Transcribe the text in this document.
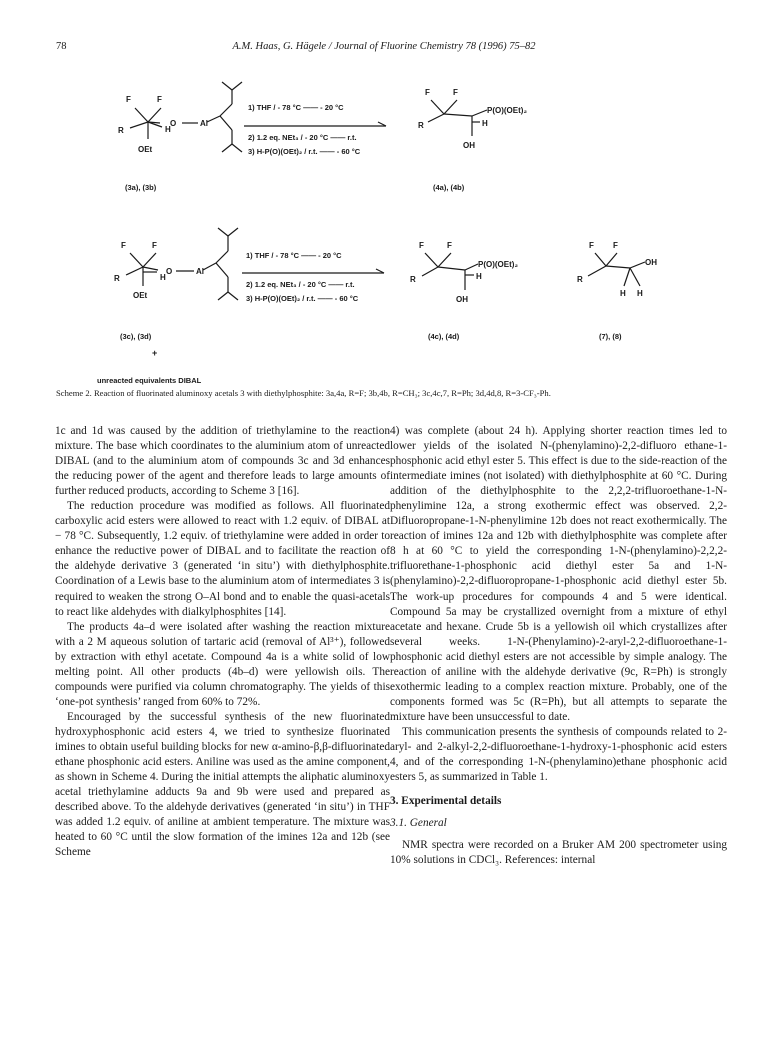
78	A.M. Haas, G. Hägele / Journal of Fluorine Chemistry 78 (1996) 75–82
F	F
R
O	Al
H
OEt
1) THF / - 78 °C —— - 20 °C
2) 1.2 eq. NEt₃ / - 20 °C —— r.t.
3) H-P(O)(OEt)₂ / r.t. —— - 60 °C
F	F
R
P(O)(OEt)₂
H
OH
(3a), (3b)	(4a), (4b)
F	F
R
O	Al
H
OEt
1) THF / - 78 °C —— - 20 °C
2) 1.2 eq. NEt₃ / - 20 °C —— r.t.
3) H-P(O)(OEt)₂ / r.t. —— - 60 °C
F	F
R
P(O)(OEt)₂
H
OH
F F
R
OH
H H
(3c), (3d)	(4c), (4d)	(7), (8)
+
unreacted equivalents DIBAL
Scheme 2. Reaction of fluorinated aluminoxy acetals 3 with diethylphosphite: 3a,4a, R=F; 3b,4b, R=CH₃; 3c,4c,7, R=Ph; 3d,4d,8, R=3-CF₃-Ph.

1c and 1d was caused by the addition of triethylamine to the reaction mixture. The base which coordinates to the aluminium atom of unreacted DIBAL (and to the aluminium atom of compounds 3c and 3d enhances the reducing power of the agent and therefore leads to large amounts of further reduced products, according to Scheme 3 [16].

The reduction procedure was modified as follows. All fluorinated carboxylic acid esters were allowed to react with 1.2 equiv. of DIBAL at − 78 °C. Subsequently, 1.2 equiv. of triethylamine were added in order to enhance the reductive power of DIBAL and to facilitate the reaction of the aldehyde derivative 3 (generated ‘in situ’) with diethylphosphite. Coordination of a Lewis base to the aluminium atom of intermediates 3 is required to weaken the strong O–Al bond and to enable the quasi-acetals to react like aldehydes with dialkylphosphites [14].

The products 4a–d were isolated after washing the reaction mixture with a 2 M aqueous solution of tartaric acid (removal of Al³⁺), followed by extraction with ethyl acetate. Compound 4a is a white solid of low melting point. All other products (4b–d) were yellowish oils. The compounds were purified via column chromatography. The yields of this ‘one-pot synthesis’ ranged from 60% to 72%.

Encouraged by the successful synthesis of the new fluorinated hydroxyphosphonic acid esters 4, we tried to synthesize fluorinated imines to obtain useful building blocks for new α-amino-β,β-difluorinated ethane phosphonic acid esters. Aniline was used as the amine component, as shown in Scheme 4. During the initial attempts the aliphatic aluminoxy acetal triethylamine adducts 9a and 9b were used and prepared as described above. To the aldehyde derivatives (generated ‘in situ’) in THF was added 1.2 equiv. of aniline at ambient temperature. The mixture was heated to 60 °C until the slow formation of the imines 12a and 12b (see Scheme

4) was complete (about 24 h). Applying shorter reaction times led to lower yields of the isolated N-(phenylamino)-2,2-difluoro ethane-1-phosphonic acid ethyl ester 5. This effect is due to the side-reaction of the intermediate imines (not isolated) with diethylphosphite at 60 °C. During addition of the diethylphosphite to the 2,2,2-trifluoroethane-1-N-phenylimine 12a, a strong exothermic effect was observed. 2,2-Difluoropropane-1-N-phenylimine 12b does not react exothermically. The reaction of imines 12a and 12b with diethylphosphite was complete after 8 h at 60 °C to yield the corresponding 1-N-(phenylamino)-2,2,2-trifluorethane-1-phosphonic acid diethyl ester 5a and 1-N-(phenylamino)-2,2-difluoropropane-1-phosphonic acid diethyl ester 5b. The work-up procedures for compounds 4 and 5 were identical. Compound 5a may be crystallized overnight from a mixture of ethyl acetate and hexane. Crude 5b is a yellowish oil which crystallizes after several weeks. 1-N-(Phenylamino)-2-aryl-2,2-difluoroethane-1-phosphonic acid diethyl esters are not accessible by simple analogy. The reaction of aniline with the aldehyde derivative (9c, R=Ph) is strongly exothermic leading to a complex reaction mixture. Probably, one of the components formed was 5c (R=Ph), but all attempts to separate the mixture have been unsuccessful to date.

This communication presents the synthesis of compounds related to 2-aryl- and 2-alkyl-2,2-difluoroethane-1-hydroxy-1-phosphonic acid esters 4, and of the corresponding 1-N-(phenylamino)ethane phosphonic acid esters 5, as summarized in Table 1.

3. Experimental details
3.1. General

NMR spectra were recorded on a Bruker AM 200 spectrometer using 10% solutions in CDCl₃. References: internal
